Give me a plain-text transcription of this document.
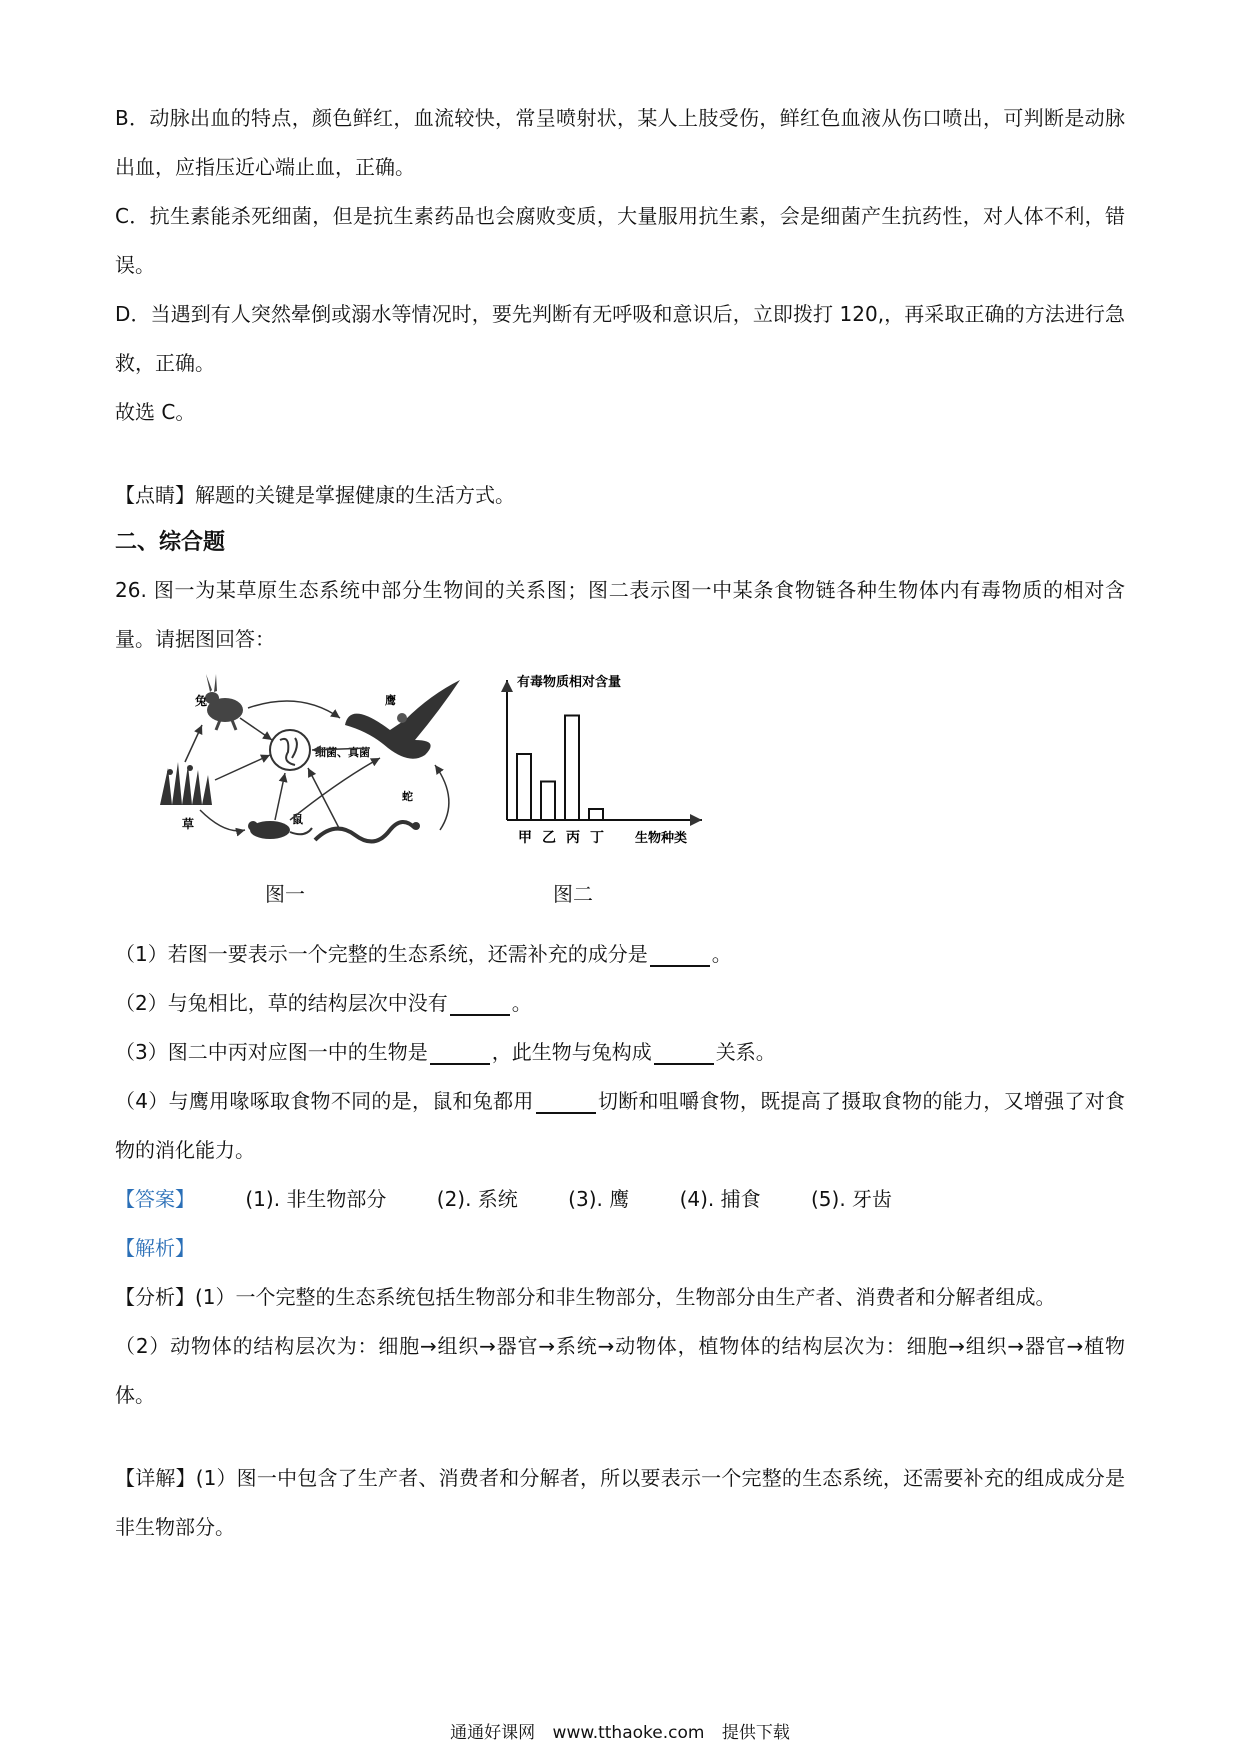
B．动脉出血的特点，颜色鲜红，血流较快，常呈喷射状，某人上肢受伤，鲜红色血液从伤口喷出，可判断是动脉出血，应指压近心端止血，正确。

C．抗生素能杀死细菌，但是抗生素药品也会腐败变质，大量服用抗生素，会是细菌产生抗药性，对人体不利，错误。

D．当遇到有人突然晕倒或溺水等情况时，要先判断有无呼吸和意识后，立即拨打 120,，再采取正确的方法进行急救，正确。

故选 C。

【点睛】解题的关键是掌握健康的生活方式。

二、综合题

26. 图一为某草原生态系统中部分生物间的关系图；图二表示图一中某条食物链各种生物体内有毒物质的相对含量。请据图回答：

兔	鹰
细菌、真菌
草	鼠
蛇
有毒物质相对含量
生物种类
甲 乙 丙 丁
图一	图二

（1）若图一要表示一个完整的生态系统，还需补充的成分是	。

（2）与兔相比，草的结构层次中没有	。

（3）图二中丙对应图一中的生物是	，此生物与兔构成	关系。

（4）与鹰用喙啄取食物不同的是，鼠和兔都用	切断和咀嚼食物，既提高了摄取食物的能力，又增强了对食物的消化能力。

【答案】	(1). 非生物部分	(2). 系统	(3). 鹰	(4). 捕食	(5). 牙齿

【解析】

【分析】(1）一个完整的生态系统包括生物部分和非生物部分，生物部分由生产者、消费者和分解者组成。

（2）动物体的结构层次为：细胞→组织→器官→系统→动物体，植物体的结构层次为：细胞→组织→器官→植物体。

【详解】(1）图一中包含了生产者、消费者和分解者，所以要表示一个完整的生态系统，还需要补充的组成成分是非生物部分。

通通好课网 www.tthaoke.com 提供下载
